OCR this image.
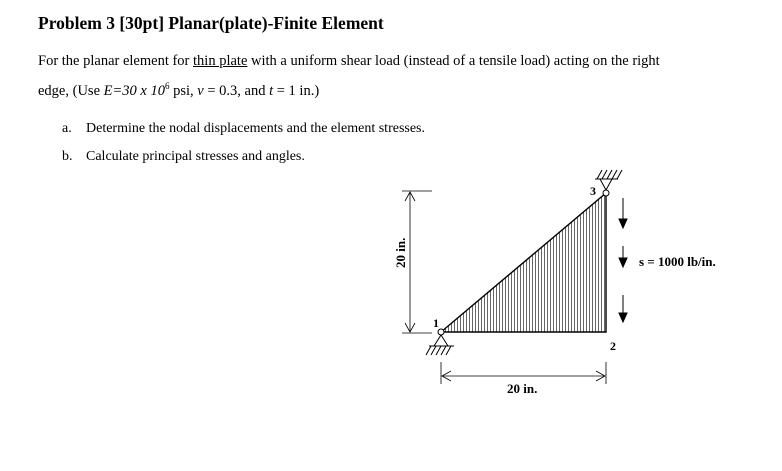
Problem 3 [30pt] Planar(plate)-Finite Element
For the planar element for thin plate with a uniform shear load (instead of a tensile load) acting on the right
edge, (Use E=30 x $10^6$ psi, v = 0.3, and t = 1 in.)
a. Determine the nodal displacements and the element stresses.
b. Calculate principal stresses and angles.
1
2
3
20 in.
20 in.
s = 1000 lb/in.
